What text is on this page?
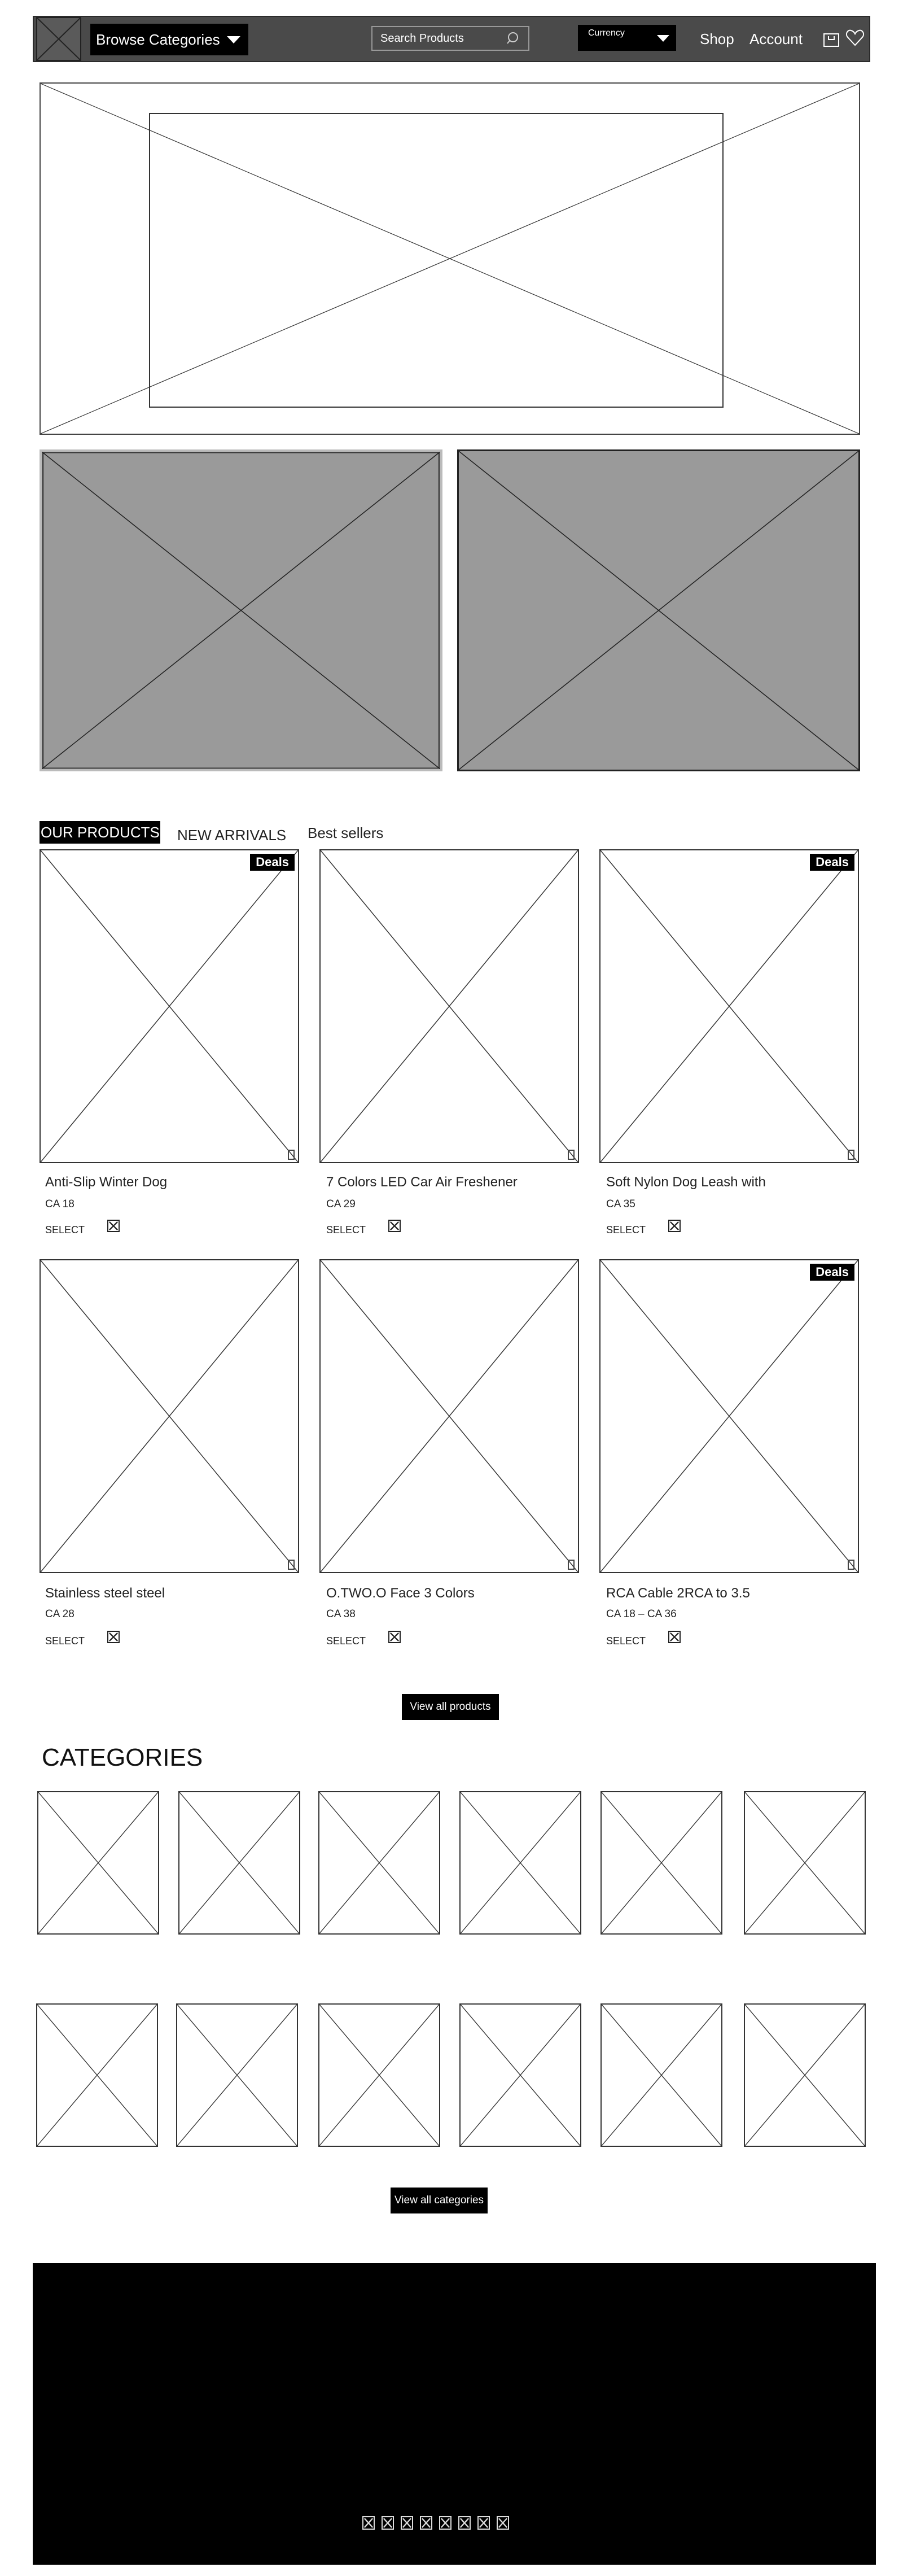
Browse Categories	Search Products	Currency	Shop Account
OUR PRODUCTS NEW ARRIVALS Best sellers
Deals	Deals
Anti-Slip Winter Dog
CA 18
SELECT
7 Colors LED Car Air Freshener
CA 29
SELECT
Soft Nylon Dog Leash with
CA 35
SELECT
Deals
Stainless steel steel
CA 28
SELECT
O.TWO.O Face 3 Colors
CA 38
SELECT
RCA Cable 2RCA to 3.5
CA 18 – CA 36
SELECT
View all products
CATEGORIES
View all categories
